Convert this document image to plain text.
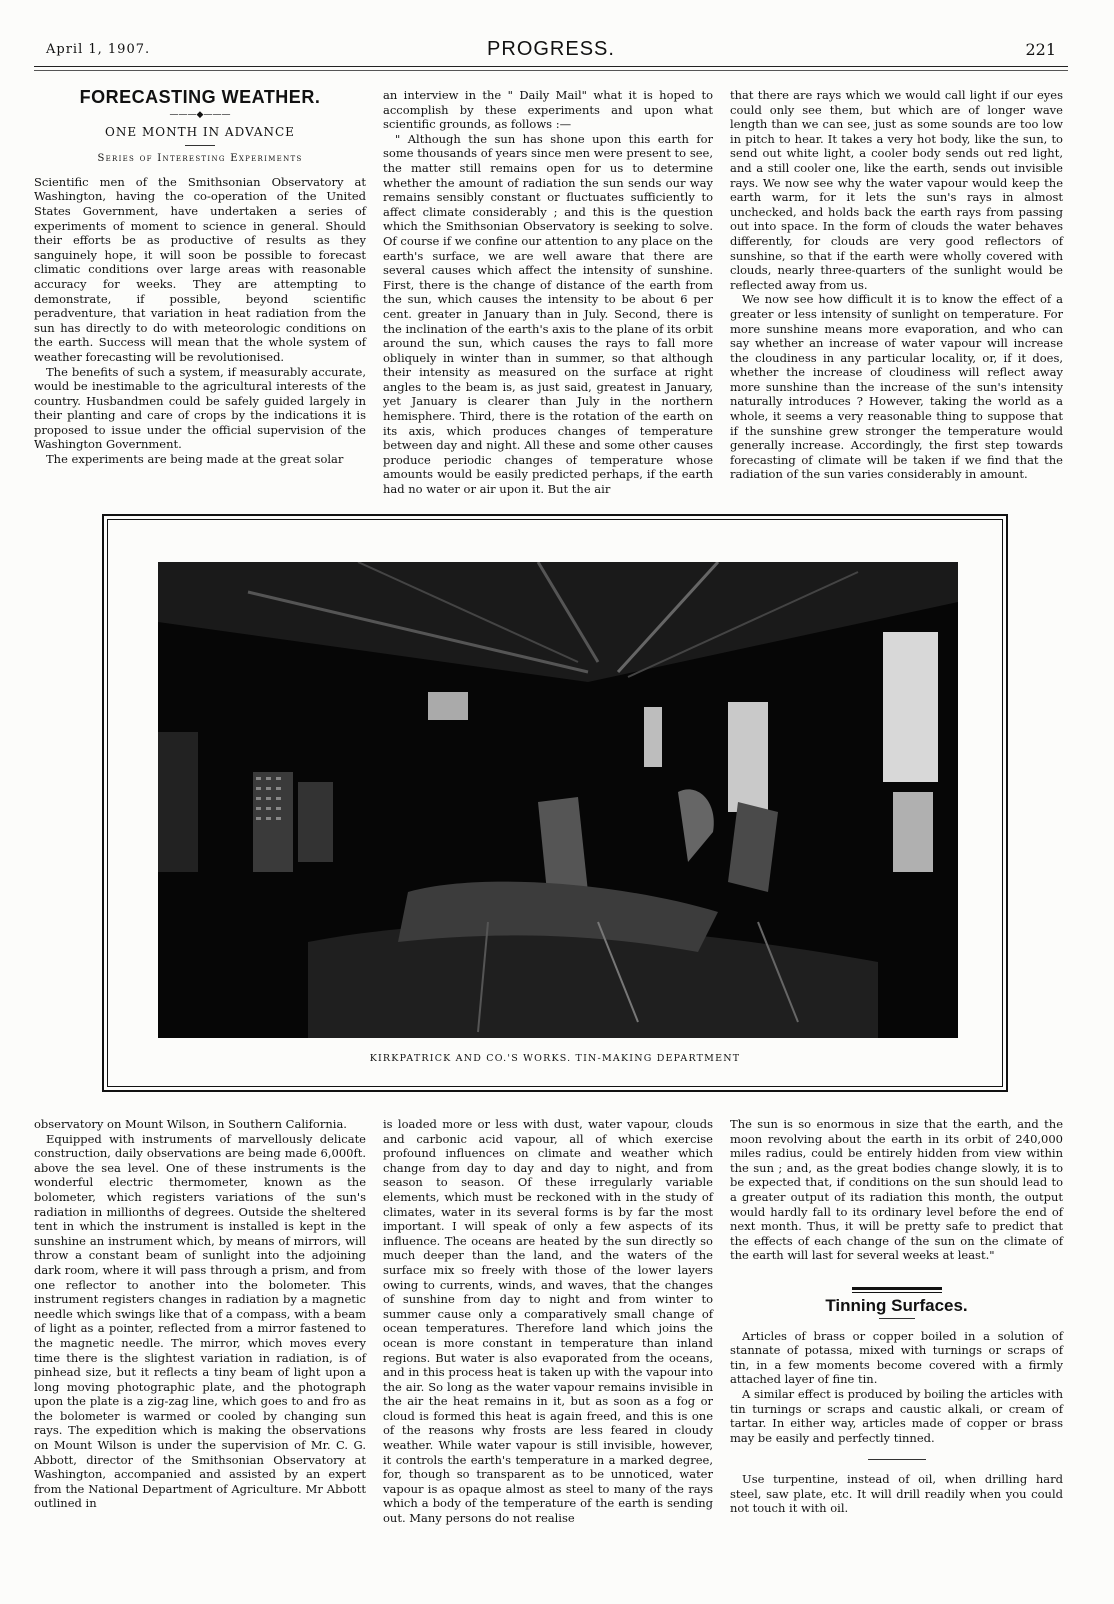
April 1, 1907.	PROGRESS.	221
FORECASTING WEATHER.
———◆———
ONE MONTH IN ADVANCE
Series of Interesting Experiments

Scientific men of the Smithsonian Observatory at Washington, having the co-operation of the United States Government, have undertaken a series of experiments of moment to science in general. Should their efforts be as productive of results as they sanguinely hope, it will soon be possible to forecast climatic conditions over large areas with reasonable accuracy for weeks. They are attempting to demonstrate, if possible, beyond scientific peradventure, that variation in heat radiation from the sun has directly to do with meteorologic conditions on the earth. Success will mean that the whole system of weather forecasting will be revolutionised.

The benefits of such a system, if measurably accurate, would be inestimable to the agricultural interests of the country. Husbandmen could be safely guided largely in their planting and care of crops by the indications it is proposed to issue under the official supervision of the Washington Government.

The experiments are being made at the great solar

an interview in the " Daily Mail" what it is hoped to accomplish by these experiments and upon what scientific grounds, as follows :—

" Although the sun has shone upon this earth for some thousands of years since men were present to see, the matter still remains open for us to determine whether the amount of radiation the sun sends our way remains sensibly constant or fluctuates sufficiently to affect climate considerably ; and this is the question which the Smithsonian Observatory is seeking to solve. Of course if we confine our attention to any place on the earth's surface, we are well aware that there are several causes which affect the intensity of sunshine. First, there is the change of distance of the earth from the sun, which causes the intensity to be about 6 per cent. greater in January than in July. Second, there is the inclination of the earth's axis to the plane of its orbit around the sun, which causes the rays to fall more obliquely in winter than in summer, so that although their intensity as measured on the surface at right angles to the beam is, as just said, greatest in January, yet January is clearer than July in the northern hemisphere. Third, there is the rotation of the earth on its axis, which produces changes of temperature between day and night. All these and some other causes produce periodic changes of temperature whose amounts would be easily predicted perhaps, if the earth had no water or air upon it. But the air

that there are rays which we would call light if our eyes could only see them, but which are of longer wave length than we can see, just as some sounds are too low in pitch to hear. It takes a very hot body, like the sun, to send out white light, a cooler body sends out red light, and a still cooler one, like the earth, sends out invisible rays. We now see why the water vapour would keep the earth warm, for it lets the sun's rays in almost unchecked, and holds back the earth rays from passing out into space. In the form of clouds the water behaves differently, for clouds are very good reflectors of sunshine, so that if the earth were wholly covered with clouds, nearly three-quarters of the sunlight would be reflected away from us.

We now see how difficult it is to know the effect of a greater or less intensity of sunlight on temperature. For more sunshine means more evaporation, and who can say whether an increase of water vapour will increase the cloudiness in any particular locality, or, if it does, whether the increase of cloudiness will reflect away more sunshine than the increase of the sun's intensity naturally introduces ? However, taking the world as a whole, it seems a very reasonable thing to suppose that if the sunshine grew stronger the temperature would generally increase. Accordingly, the first step towards forecasting of climate will be taken if we find that the radiation of the sun varies considerably in amount.

KIRKPATRICK AND CO.'S WORKS. TIN-MAKING DEPARTMENT

observatory on Mount Wilson, in Southern California.

Equipped with instruments of marvellously delicate construction, daily observations are being made 6,000ft. above the sea level. One of these instruments is the wonderful electric thermometer, known as the bolometer, which registers variations of the sun's radiation in millionths of degrees. Outside the sheltered tent in which the instrument is installed is kept in the sunshine an instrument which, by means of mirrors, will throw a constant beam of sunlight into the adjoining dark room, where it will pass through a prism, and from one reflector to another into the bolometer. This instrument registers changes in radiation by a magnetic needle which swings like that of a compass, with a beam of light as a pointer, reflected from a mirror fastened to the magnetic needle. The mirror, which moves every time there is the slightest variation in radiation, is of pinhead size, but it reflects a tiny beam of light upon a long moving photographic plate, and the photograph upon the plate is a zig-zag line, which goes to and fro as the bolometer is warmed or cooled by changing sun rays. The expedition which is making the observations on Mount Wilson is under the supervision of Mr. C. G. Abbott, director of the Smithsonian Observatory at Washington, accompanied and assisted by an expert from the National Department of Agriculture. Mr Abbott outlined in

is loaded more or less with dust, water vapour, clouds and carbonic acid vapour, all of which exercise profound influences on climate and weather which change from day to day and day to night, and from season to season. Of these irregularly variable elements, which must be reckoned with in the study of climates, water in its several forms is by far the most important. I will speak of only a few aspects of its influence. The oceans are heated by the sun directly so much deeper than the land, and the waters of the surface mix so freely with those of the lower layers owing to currents, winds, and waves, that the changes of sunshine from day to night and from winter to summer cause only a comparatively small change of ocean temperatures. Therefore land which joins the ocean is more constant in temperature than inland regions. But water is also evaporated from the oceans, and in this process heat is taken up with the vapour into the air. So long as the water vapour remains invisible in the air the heat remains in it, but as soon as a fog or cloud is formed this heat is again freed, and this is one of the reasons why frosts are less feared in cloudy weather. While water vapour is still invisible, however, it controls the earth's temperature in a marked degree, for, though so transparent as to be unnoticed, water vapour is as opaque almost as steel to many of the rays which a body of the temperature of the earth is sending out. Many persons do not realise

The sun is so enormous in size that the earth, and the moon revolving about the earth in its orbit of 240,000 miles radius, could be entirely hidden from view within the sun ; and, as the great bodies change slowly, it is to be expected that, if conditions on the sun should lead to a greater output of its radiation this month, the output would hardly fall to its ordinary level before the end of next month. Thus, it will be pretty safe to predict that the effects of each change of the sun on the climate of the earth will last for several weeks at least."

Tinning Surfaces.

Articles of brass or copper boiled in a solution of stannate of potassa, mixed with turnings or scraps of tin, in a few moments become covered with a firmly attached layer of fine tin.

A similar effect is produced by boiling the articles with tin turnings or scraps and caustic alkali, or cream of tartar. In either way, articles made of copper or brass may be easily and perfectly tinned.

Use turpentine, instead of oil, when drilling hard steel, saw plate, etc. It will drill readily when you could not touch it with oil.
